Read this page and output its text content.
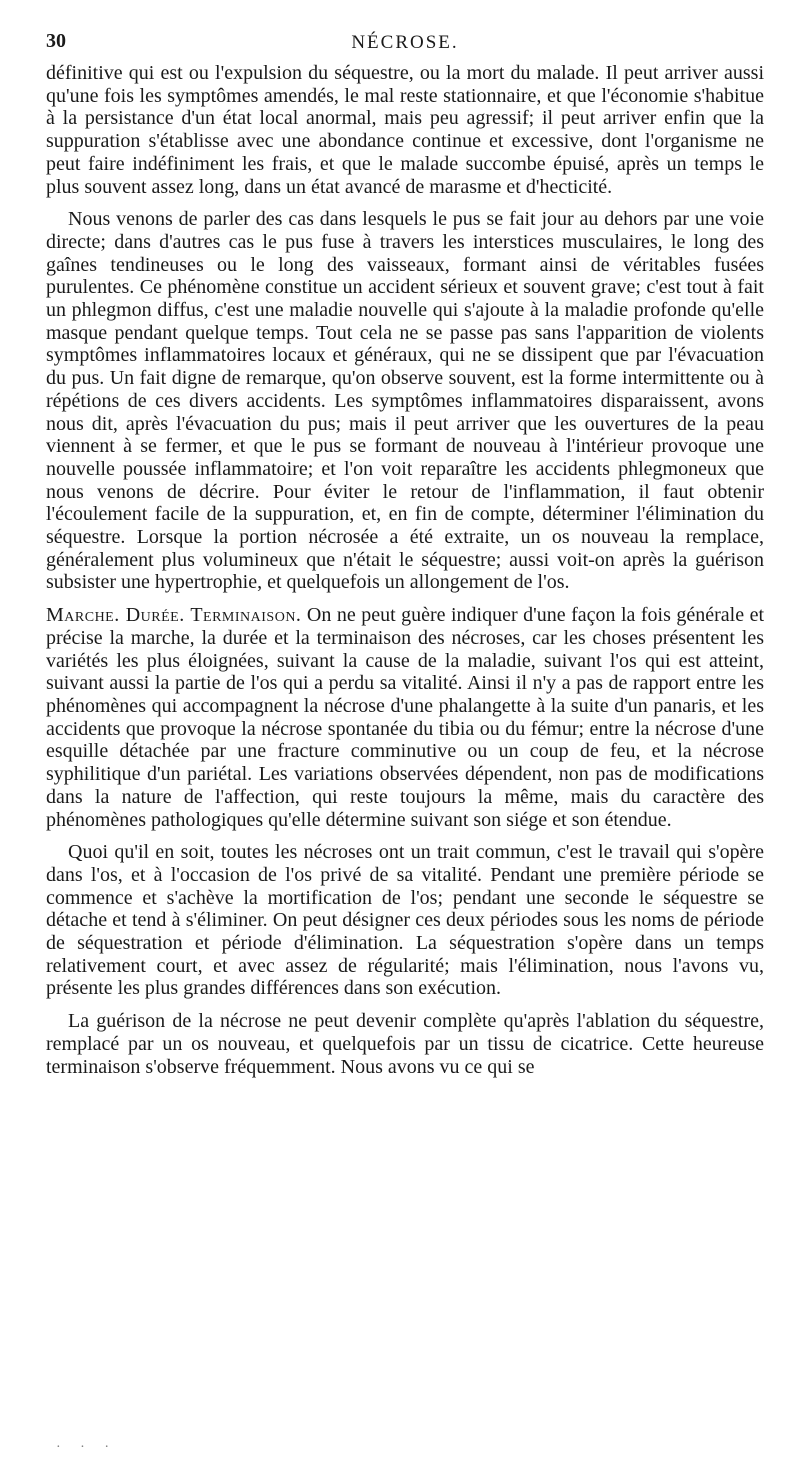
30	NÉCROSE.

définitive qui est ou l'expulsion du séquestre, ou la mort du malade. Il peut arriver aussi qu'une fois les symptômes amendés, le mal reste stationnaire, et que l'économie s'habitue à la persistance d'un état local anormal, mais peu agressif; il peut arriver enfin que la suppuration s'établisse avec une abondance continue et excessive, dont l'organisme ne peut faire indéfiniment les frais, et que le malade succombe épuisé, après un temps le plus souvent assez long, dans un état avancé de marasme et d'hecticité.

Nous venons de parler des cas dans lesquels le pus se fait jour au dehors par une voie directe; dans d'autres cas le pus fuse à travers les interstices musculaires, le long des gaînes tendineuses ou le long des vaisseaux, formant ainsi de véritables fusées purulentes. Ce phénomène constitue un accident sérieux et souvent grave; c'est tout à fait un phlegmon diffus, c'est une maladie nouvelle qui s'ajoute à la maladie profonde qu'elle masque pendant quelque temps. Tout cela ne se passe pas sans l'apparition de violents symptômes inflammatoires locaux et généraux, qui ne se dissipent que par l'évacuation du pus. Un fait digne de remarque, qu'on observe souvent, est la forme intermittente ou à répétions de ces divers accidents. Les symptômes inflammatoires disparaissent, avons nous dit, après l'évacuation du pus; mais il peut arriver que les ouvertures de la peau viennent à se fermer, et que le pus se formant de nouveau à l'intérieur provoque une nouvelle poussée inflammatoire; et l'on voit reparaître les accidents phlegmoneux que nous venons de décrire. Pour éviter le retour de l'inflammation, il faut obtenir l'écoulement facile de la suppuration, et, en fin de compte, déterminer l'élimination du séquestre. Lorsque la portion nécrosée a été extraite, un os nouveau la remplace, généralement plus volumineux que n'était le séquestre; aussi voit-on après la guérison subsister une hypertrophie, et quelquefois un allongement de l'os.

Marche. Durée. Terminaison. On ne peut guère indiquer d'une façon la fois générale et précise la marche, la durée et la terminaison des nécroses, car les choses présentent les variétés les plus éloignées, suivant la cause de la maladie, suivant l'os qui est atteint, suivant aussi la partie de l'os qui a perdu sa vitalité. Ainsi il n'y a pas de rapport entre les phénomènes qui accompagnent la nécrose d'une phalangette à la suite d'un panaris, et les accidents que provoque la nécrose spontanée du tibia ou du fémur; entre la nécrose d'une esquille détachée par une fracture comminutive ou un coup de feu, et la nécrose syphilitique d'un pariétal. Les variations observées dépendent, non pas de modifications dans la nature de l'affection, qui reste toujours la même, mais du caractère des phénomènes pathologiques qu'elle détermine suivant son siége et son étendue.

Quoi qu'il en soit, toutes les nécroses ont un trait commun, c'est le travail qui s'opère dans l'os, et à l'occasion de l'os privé de sa vitalité. Pendant une première période se commence et s'achève la mortification de l'os; pendant une seconde le séquestre se détache et tend à s'éliminer. On peut désigner ces deux périodes sous les noms de période de séquestration et période d'élimination. La séquestration s'opère dans un temps relativement court, et avec assez de régularité; mais l'élimination, nous l'avons vu, présente les plus grandes différences dans son exécution.

La guérison de la nécrose ne peut devenir complète qu'après l'ablation du séquestre, remplacé par un os nouveau, et quelquefois par un tissu de cicatrice. Cette heureuse terminaison s'observe fréquemment. Nous avons vu ce qui se

· · ·
